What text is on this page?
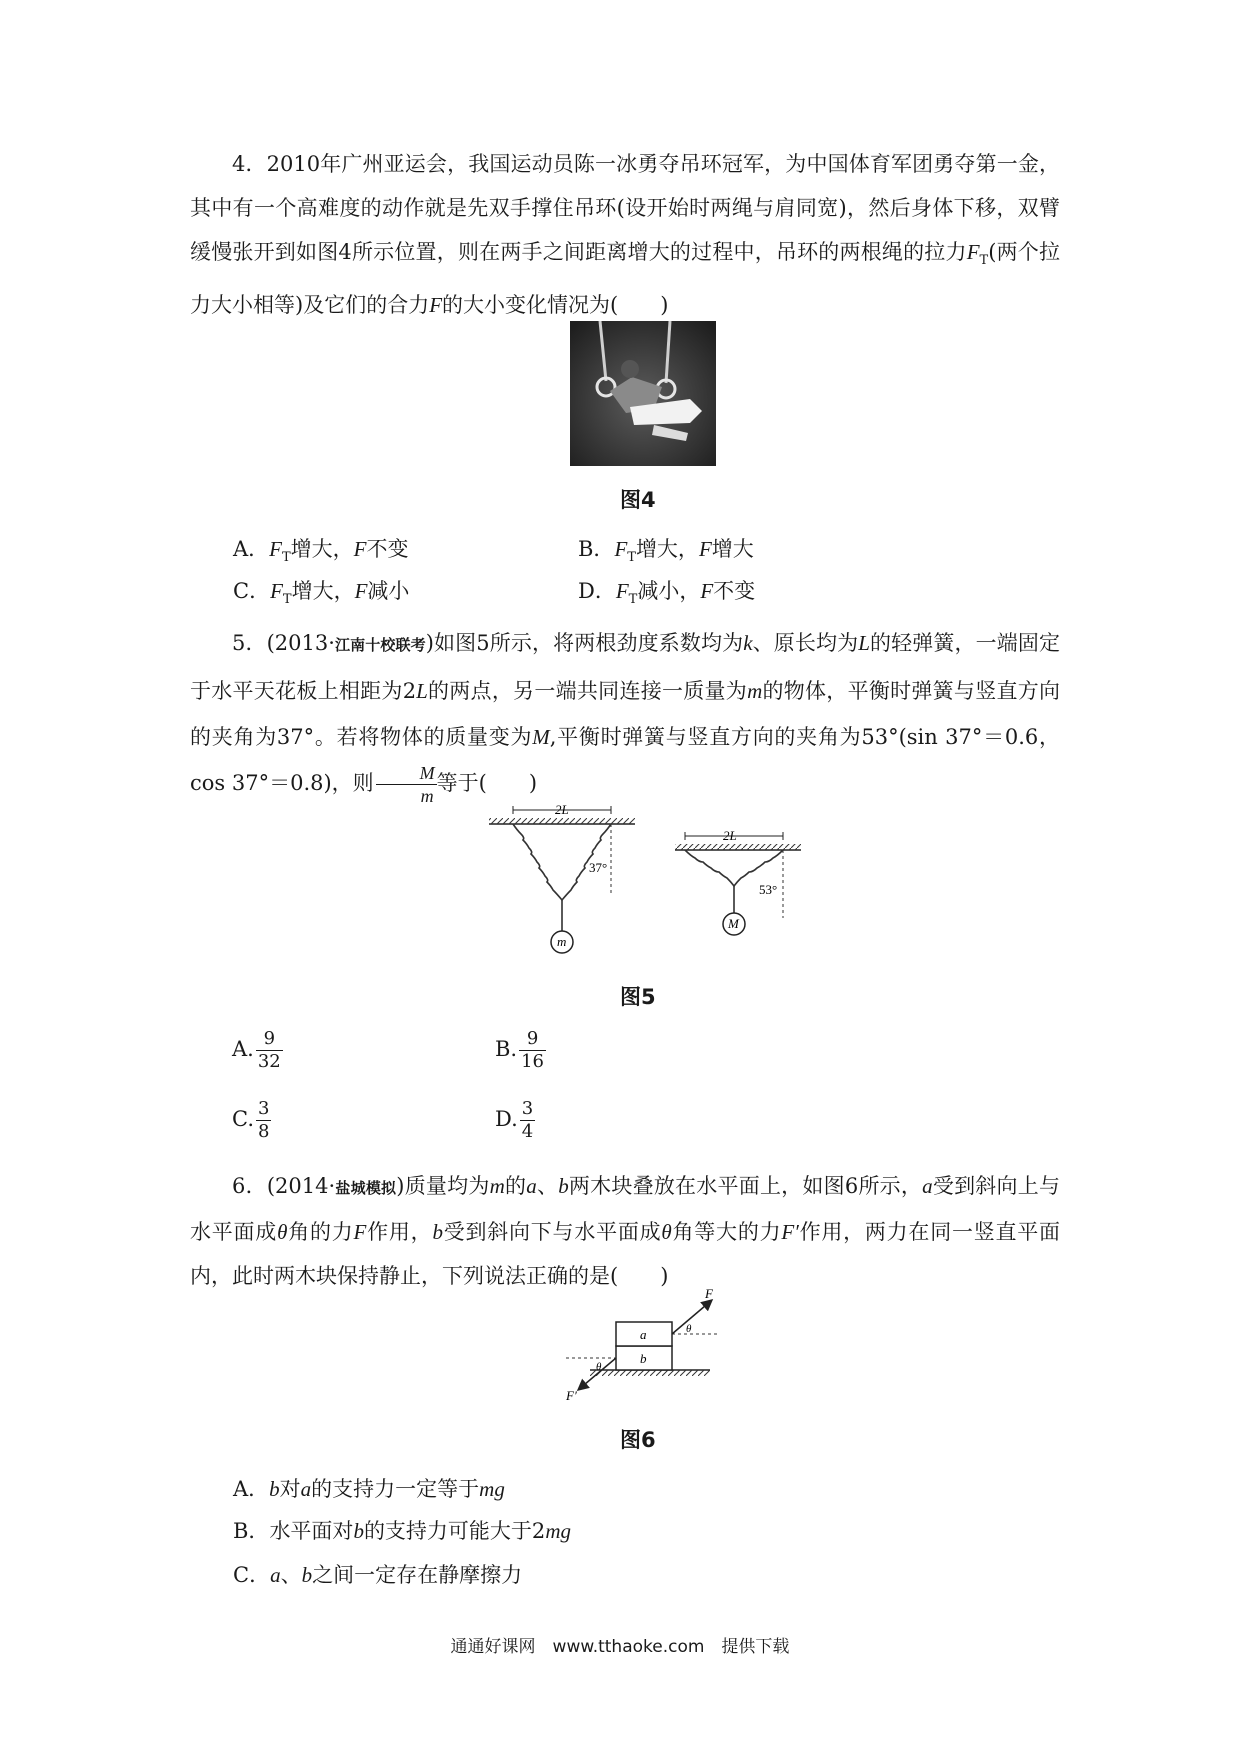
4．2010年广州亚运会，我国运动员陈一冰勇夺吊环冠军，为中国体育军团勇夺第一金，其中有一个高难度的动作就是先双手撑住吊环(设开始时两绳与肩同宽)，然后身体下移，双臂缓慢张开到如图4所示位置，则在两手之间距离增大的过程中，吊环的两根绳的拉力$F_T$(两个拉力大小相等)及它们的合力F的大小变化情况为(　　)

图4
A．$F_T$增大，F不变	B．$F_T$增大，F增大
C．$F_T$增大，F减小	D．$F_T$减小，F不变

5．(2013·江南十校联考)如图5所示，将两根劲度系数均为k、原长均为L的轻弹簧，一端固定于水平天花板上相距为2L的两点，另一端共同连接一质量为m的物体，平衡时弹簧与竖直方向的夹角为37°。若将物体的质量变为M,平衡时弹簧与竖直方向的夹角为53°(sin 37°＝0.6，cos 37°＝0.8)，则 $\frac{M}{m}$ 等于(　　)

2L
37°
m
2L
53°
M
图5
A. $\frac{9}{32}$	B. $\frac{9}{16}$
C. $\frac{3}{8}$	D. $\frac{3}{4}$

6．(2014·盐城模拟)质量均为m的a、b两木块叠放在水平面上，如图6所示，a受到斜向上与水平面成θ角的力F作用，b受到斜向下与水平面成θ角等大的力F′作用，两力在同一竖直平面内，此时两木块保持静止，下列说法正确的是(　　)

b
a
F
θ
F′
θ
图6
A．b对a的支持力一定等于mg
B．水平面对b的支持力可能大于2mg
C．a、b之间一定存在静摩擦力
通通好课网　www.tthaoke.com　提供下载
